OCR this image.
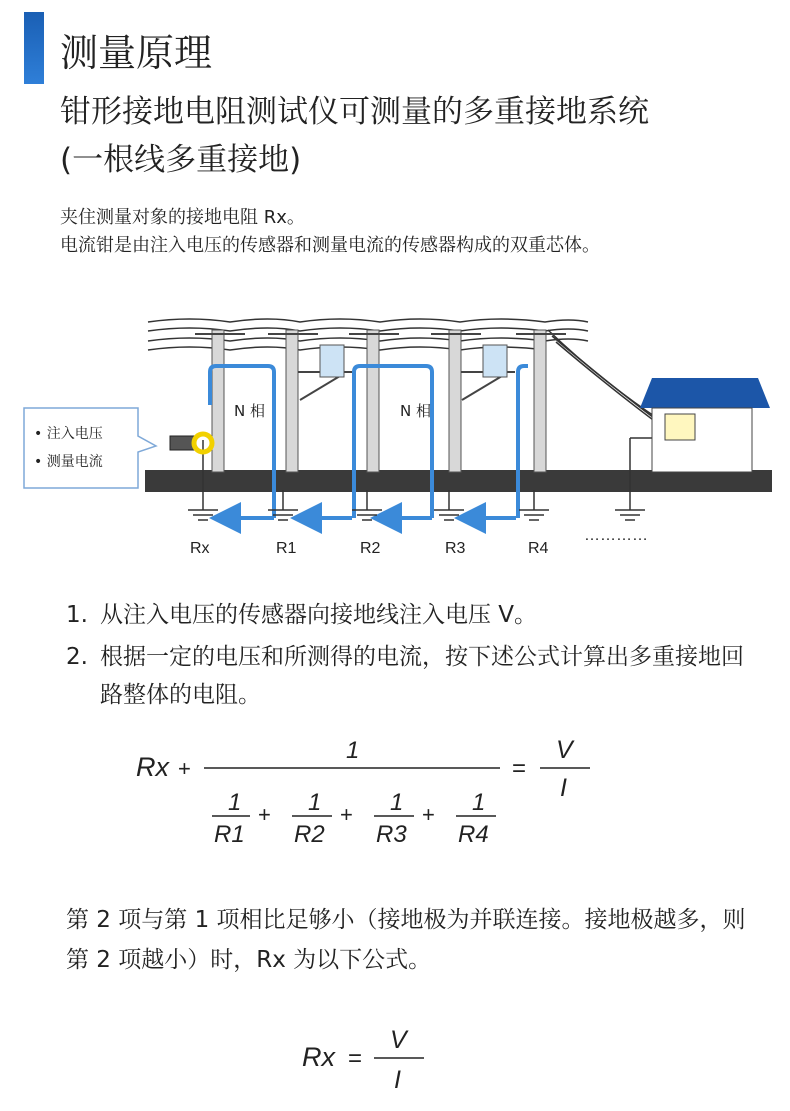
测量原理
钳形接地电阻测试仪可测量的多重接地系统
(一根线多重接地)
夹住测量对象的接地电阻 Rx。
电流钳是由注入电压的传感器和测量电流的传感器构成的双重芯体。
• 注入电压
• 测量电流
N 相	N 相
Rx	R1	R2	R3	R4
…………
1. 从注入电压的传感器向接地线注入电压 V。
2. 根据一定的电压和所测得的电流，按下述公式计算出多重接地回路整体的电阻。
Rx +
1
1
R1
+ 1
R2
+ 1
R3
+ 1
R4
=
V
I
第 2 项与第 1 项相比足够小（接地极为并联连接。接地极越多，则第 2 项越小）时，Rx 为以下公式。
Rx =
V
I
